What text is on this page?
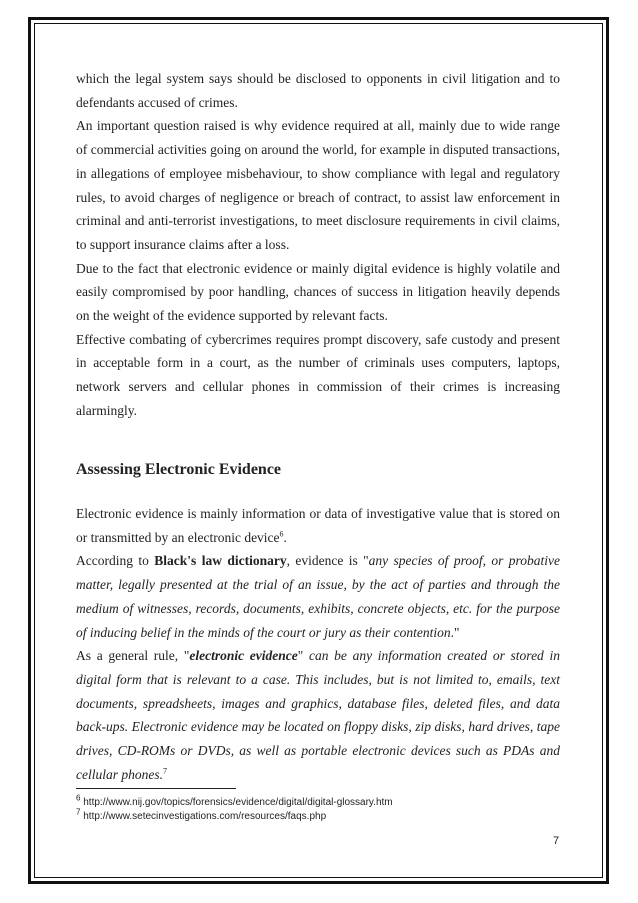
which the legal system says should be disclosed to opponents in civil litigation and to defendants accused of crimes.

An important question raised is why evidence required at all, mainly due to wide range of commercial activities going on around the world, for example in disputed transactions, in allegations of employee misbehaviour, to show compliance with legal and regulatory rules, to avoid charges of negligence or breach of contract, to assist law enforcement in criminal and anti-terrorist investigations, to meet disclosure requirements in civil claims, to support insurance claims after a loss.

Due to the fact that electronic evidence or mainly digital evidence is highly volatile and easily compromised by poor handling, chances of success in litigation heavily depends on the weight of the evidence supported by relevant facts.

Effective combating of cybercrimes requires prompt discovery, safe custody and present in acceptable form in a court, as the number of criminals uses computers, laptops, network servers and cellular phones in commission of their crimes is increasing alarmingly.

Assessing Electronic Evidence

Electronic evidence is mainly information or data of investigative value that is stored on or transmitted by an electronic device$^6$.

According to Black's law dictionary, evidence is "any species of proof, or probative matter, legally presented at the trial of an issue, by the act of parties and through the medium of witnesses, records, documents, exhibits, concrete objects, etc. for the purpose of inducing belief in the minds of the court or jury as their contention."

As a general rule, "electronic evidence" can be any information created or stored in digital form that is relevant to a case. This includes, but is not limited to, emails, text documents, spreadsheets, images and graphics, database files, deleted files, and data back-ups. Electronic evidence may be located on floppy disks, zip disks, hard drives, tape drives, CD-ROMs or DVDs, as well as portable electronic devices such as PDAs and cellular phones.$^7$

$^6$ http://www.nij.gov/topics/forensics/evidence/digital/digital-glossary.htm
$^7$ http://www.setecinvestigations.com/resources/faqs.php
7
